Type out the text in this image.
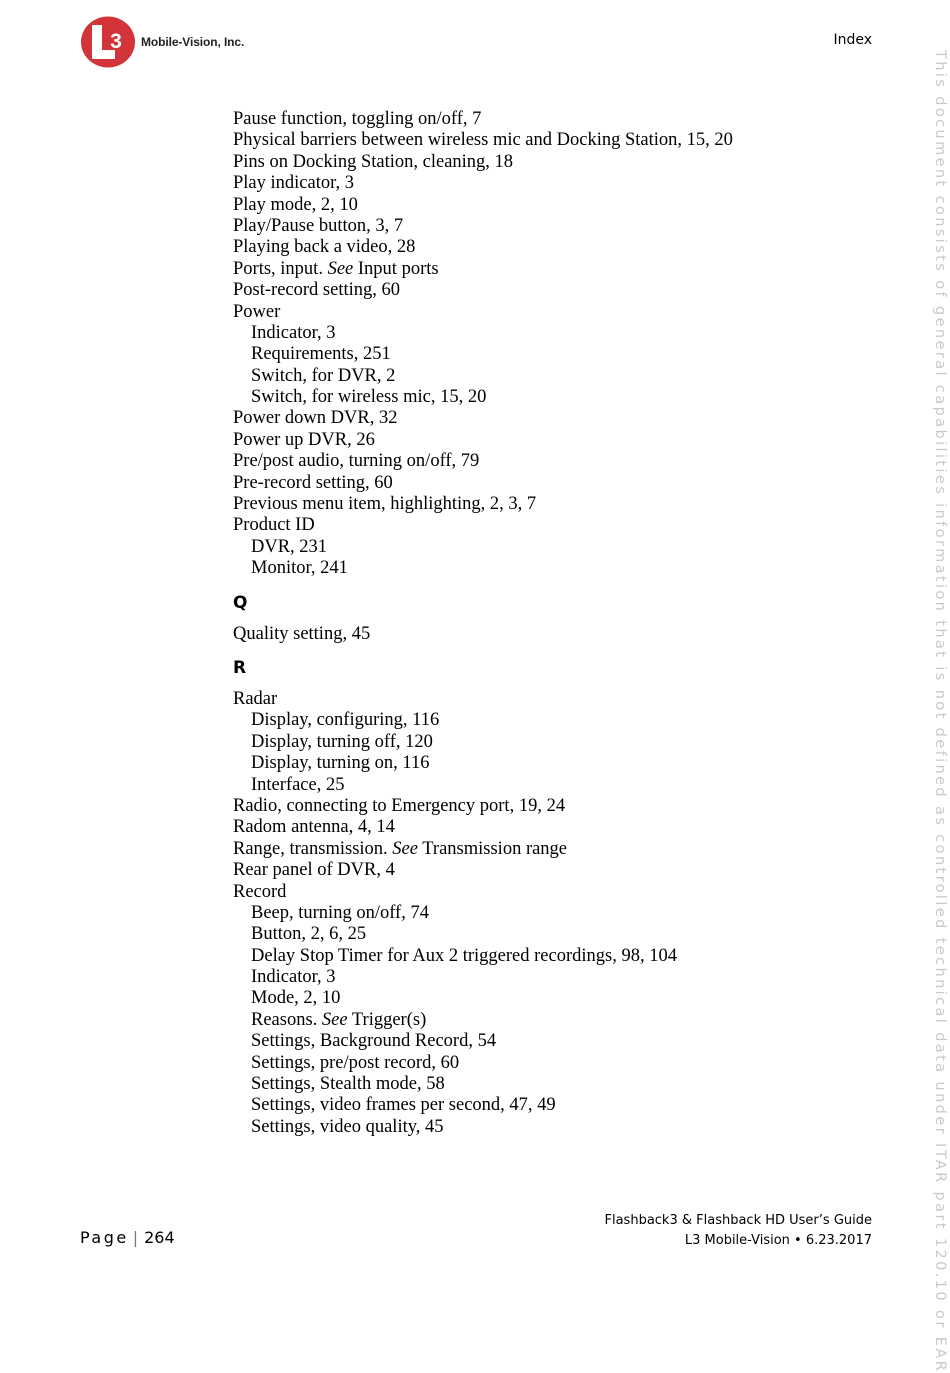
3 Mobile-Vision, Inc.	Index
This document consists of general capabilities information that is not defined as controlled technical data under ITAR part 120.10 or EAR
Pause function, toggling on/off, 7
Physical barriers between wireless mic and Docking Station, 15, 20
Pins on Docking Station, cleaning, 18
Play indicator, 3
Play mode, 2, 10
Play/Pause button, 3, 7
Playing back a video, 28
Ports, input. See Input ports
Post-record setting, 60
Power
Indicator, 3
Requirements, 251
Switch, for DVR, 2
Switch, for wireless mic, 15, 20
Power down DVR, 32
Power up DVR, 26
Pre/post audio, turning on/off, 79
Pre-record setting, 60
Previous menu item, highlighting, 2, 3, 7
Product ID
DVR, 231
Monitor, 241
Q
Quality setting, 45
R
Radar
Display, configuring, 116
Display, turning off, 120
Display, turning on, 116
Interface, 25
Radio, connecting to Emergency port, 19, 24
Radom antenna, 4, 14
Range, transmission. See Transmission range
Rear panel of DVR, 4
Record
Beep, turning on/off, 74
Button, 2, 6, 25
Delay Stop Timer for Aux 2 triggered recordings, 98, 104
Indicator, 3
Mode, 2, 10
Reasons. See Trigger(s)
Settings, Background Record, 54
Settings, pre/post record, 60
Settings, Stealth mode, 58
Settings, video frames per second, 47, 49
Settings, video quality, 45
Page | 264
Flashback3 & Flashback HD User’s Guide
L3 Mobile-Vision • 6.23.2017
